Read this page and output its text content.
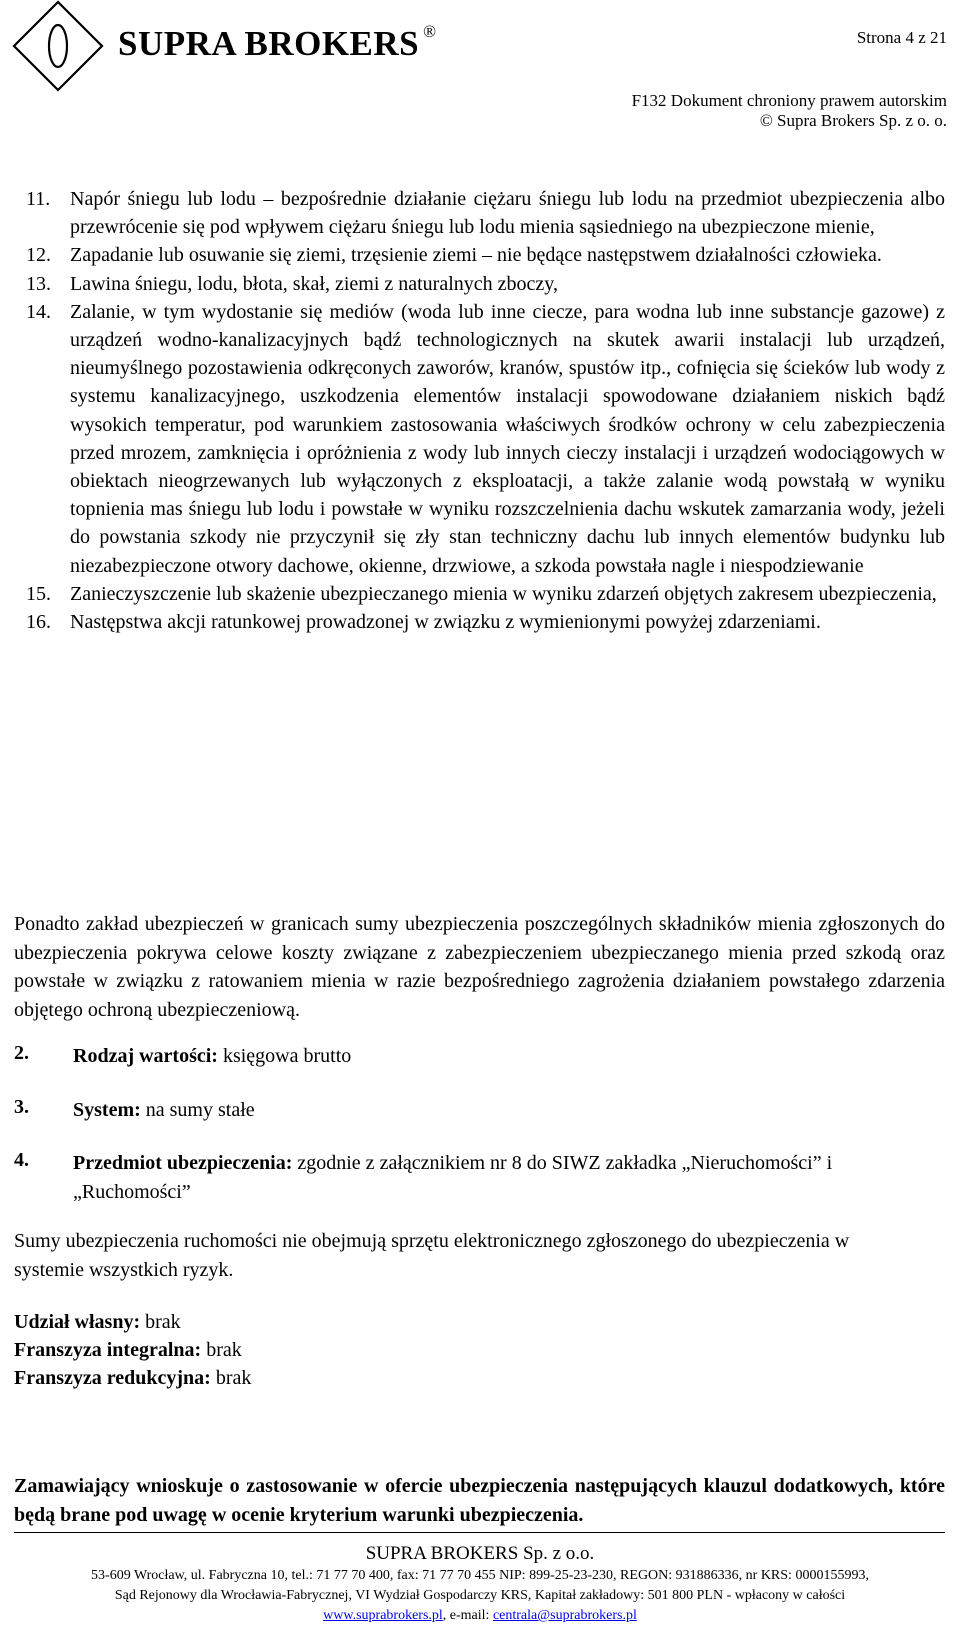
SUPRA BROKERS ®	Strona 4 z 21
F132 Dokument chroniony prawem autorskim
© Supra Brokers Sp. z o. o.
11. Napór śniegu lub lodu – bezpośrednie działanie ciężaru śniegu lub lodu na przedmiot ubezpieczenia albo przewrócenie się pod wpływem ciężaru śniegu lub lodu mienia sąsiedniego na ubezpieczone mienie,
12. Zapadanie lub osuwanie się ziemi, trzęsienie ziemi – nie będące następstwem działalności człowieka.
13. Lawina śniegu, lodu, błota, skał, ziemi z naturalnych zboczy,
14. Zalanie, w tym wydostanie się mediów (woda lub inne ciecze, para wodna lub inne substancje gazowe) z urządzeń wodno-kanalizacyjnych bądź technologicznych na skutek awarii instalacji lub urządzeń, nieumyślnego pozostawienia odkręconych zaworów, kranów, spustów itp., cofnięcia się ścieków lub wody z systemu kanalizacyjnego, uszkodzenia elementów instalacji spowodowane działaniem niskich bądź wysokich temperatur, pod warunkiem zastosowania właściwych środków ochrony w celu zabezpieczenia przed mrozem, zamknięcia i opróżnienia z wody lub innych cieczy instalacji i urządzeń wodociągowych w obiektach nieogrzewanych lub wyłączonych z eksploatacji, a także zalanie wodą powstałą w wyniku topnienia mas śniegu lub lodu i powstałe w wyniku rozszczelnienia dachu wskutek zamarzania wody, jeżeli do powstania szkody nie przyczynił się zły stan techniczny dachu lub innych elementów budynku lub niezabezpieczone otwory dachowe, okienne, drzwiowe, a szkoda powstała nagle i niespodziewanie
15. Zanieczyszczenie lub skażenie ubezpieczanego mienia w wyniku zdarzeń objętych zakresem ubezpieczenia,
16. Następstwa akcji ratunkowej prowadzonej w związku z wymienionymi powyżej zdarzeniami.
Ponadto zakład ubezpieczeń w granicach sumy ubezpieczenia poszczególnych składników mienia zgłoszonych do ubezpieczenia pokrywa celowe koszty związane z zabezpieczeniem ubezpieczanego mienia przed szkodą oraz powstałe w związku z ratowaniem mienia w razie bezpośredniego zagrożenia działaniem powstałego zdarzenia objętego ochroną ubezpieczeniową.
2. Rodzaj wartości: księgowa brutto
3. System: na sumy stałe
4. Przedmiot ubezpieczenia: zgodnie z załącznikiem nr 8 do SIWZ zakładka „Nieruchomości” i „Ruchomości”
Sumy ubezpieczenia ruchomości nie obejmują sprzętu elektronicznego zgłoszonego do ubezpieczenia w systemie wszystkich ryzyk.
Udział własny: brak
Franszyza integralna: brak
Franszyza redukcyjna: brak
Zamawiający wnioskuje o zastosowanie w ofercie ubezpieczenia następujących klauzul dodatkowych, które będą brane pod uwagę w ocenie kryterium warunki ubezpieczenia.
SUPRA BROKERS Sp. z o.o.
53-609 Wrocław, ul. Fabryczna 10, tel.: 71 77 70 400, fax: 71 77 70 455 NIP: 899-25-23-230, REGON: 931886336, nr KRS: 0000155993,
Sąd Rejonowy dla Wrocławia-Fabrycznej, VI Wydział Gospodarczy KRS, Kapitał zakładowy: 501 800 PLN - wpłacony w całości
www.suprabrokers.pl, e-mail: centrala@suprabrokers.pl
